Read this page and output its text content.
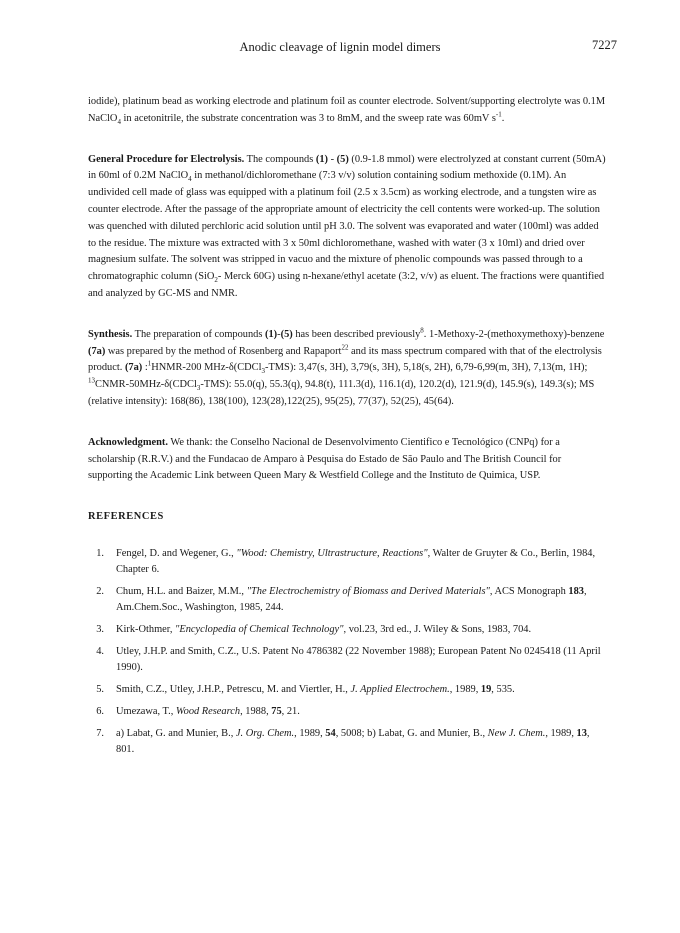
Anodic cleavage of lignin model dimers	7227

iodide), platinum bead as working electrode and platinum foil as counter electrode. Solvent/supporting electrolyte was 0.1M NaClO$_4$ in acetonitrile, the substrate concentration was 3 to 8mM, and the sweep rate was 60mV $s^{-1}$.

General Procedure for Electrolysis. The compounds (1) - (5) (0.9-1.8 mmol) were electrolyzed at constant current (50mA) in 60ml of 0.2M NaClO$_4$ in methanol/dichloromethane (7:3 v/v) solution containing sodium methoxide (0.1M). An undivided cell made of glass was equipped with a platinum foil (2.5 x 3.5cm) as working electrode, and a tungsten wire as counter electrode. After the passage of the appropriate amount of electricity the cell contents were worked-up. The solution was quenched with diluted perchloric acid solution until pH 3.0. The solvent was evaporated and water (100ml) was added to the residue. The mixture was extracted with 3 x 50ml dichloromethane, washed with water (3 x 10ml) and dried over magnesium sulfate. The solvent was stripped in vacuo and the mixture of phenolic compounds was passed through to a chromatographic column (SiO$_2$- Merck 60G) using n-hexane/ethyl acetate (3:2, v/v) as eluent. The fractions were quantified and analyzed by GC-MS and NMR.

Synthesis. The preparation of compounds (1)-(5) has been described previously$^8$. 1-Methoxy-2-(methoxymethoxy)-benzene (7a) was prepared by the method of Rosenberg and Rapaport$^{22}$ and its mass spectrum compared with that of the electrolysis product. (7a) :$^1$HNMR-200 MHz-δ(CDCl$_3$-TMS): 3,47(s, 3H), 3,79(s, 3H), 5,18(s, 2H), 6,79-6,99(m, 3H), 7,13(m, 1H); $^{13}$CNMR-50MHz-δ(CDCl$_3$-TMS): 55.0(q), 55.3(q), 94.8(t), 111.3(d), 116.1(d), 120.2(d), 121.9(d), 145.9(s), 149.3(s); MS (relative intensity): 168(86), 138(100), 123(28),122(25), 95(25), 77(37), 52(25), 45(64).

Acknowledgment. We thank: the Conselho Nacional de Desenvolvimento Cientifico e Tecnológico (CNPq) for a scholarship (R.R.V.) and the Fundacao de Amparo à Pesquisa do Estado de São Paulo and The British Council for supporting the Academic Link between Queen Mary & Westfield College and the Instituto de Quimica, USP.

REFERENCES

1. Fengel, D. and Wegener, G., "Wood: Chemistry, Ultrastructure, Reactions", Walter de Gruyter & Co., Berlin, 1984, Chapter 6.
2. Chum, H.L. and Baizer, M.M., "The Electrochemistry of Biomass and Derived Materials", ACS Monograph 183, Am.Chem.Soc., Washington, 1985, 244.
3. Kirk-Othmer, "Encyclopedia of Chemical Technology", vol.23, 3rd ed., J. Wiley & Sons, 1983, 704.
4. Utley, J.H.P. and Smith, C.Z., U.S. Patent No 4786382 (22 November 1988); European Patent No 0245418 (11 April 1990).
5. Smith, C.Z., Utley, J.H.P., Petrescu, M. and Viertler, H., J. Applied Electrochem., 1989, 19, 535.
6. Umezawa, T., Wood Research, 1988, 75, 21.
7. a) Labat, G. and Munier, B., J. Org. Chem., 1989, 54, 5008; b) Labat, G. and Munier, B., New J. Chem., 1989, 13, 801.
